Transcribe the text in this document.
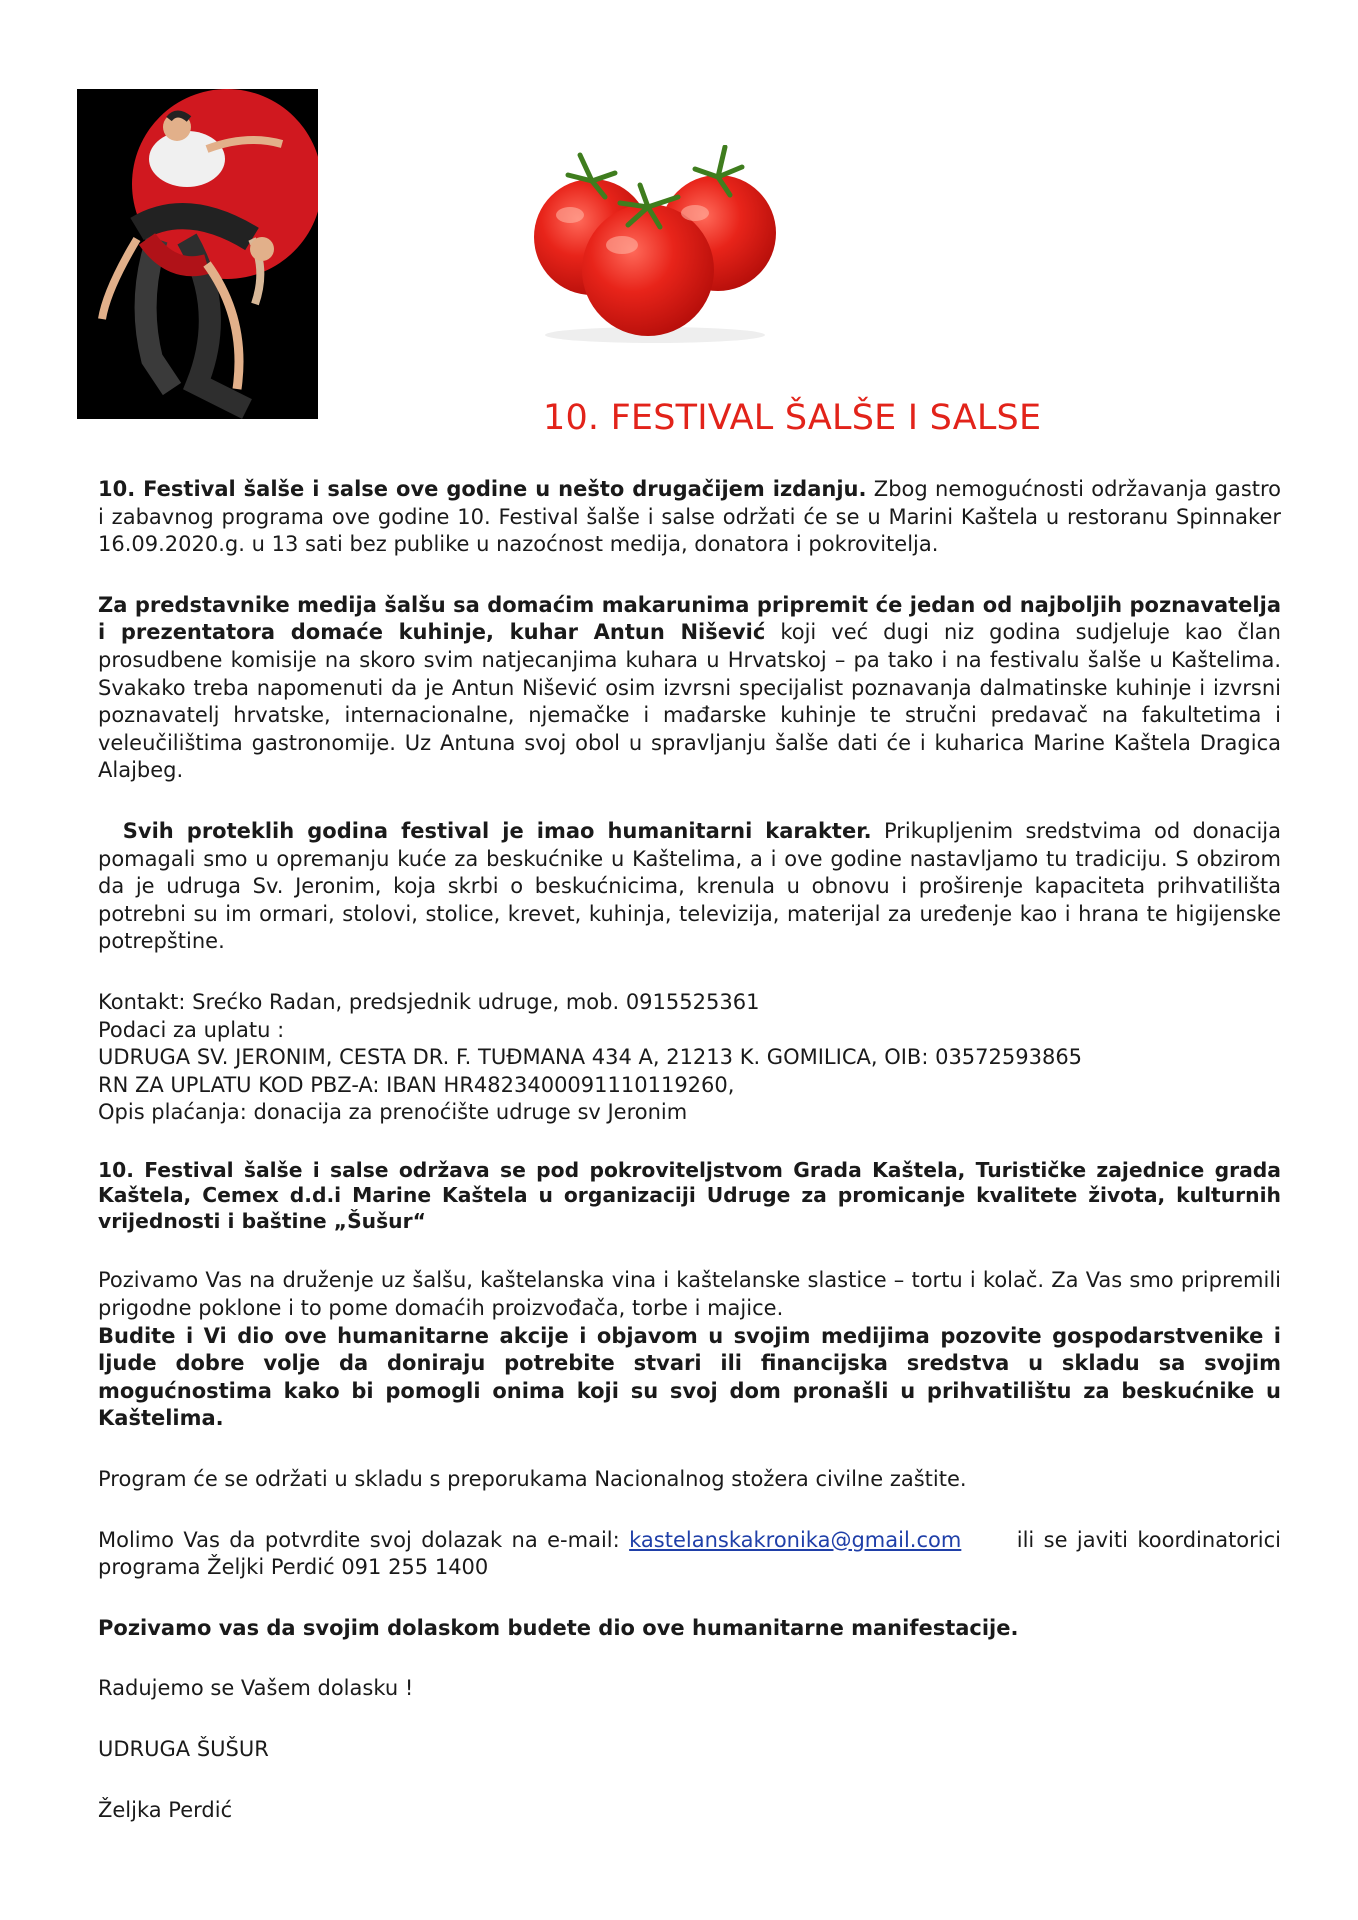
10. FESTIVAL ŠALŠE I SALSE

10. Festival šalše i salse ove godine u nešto drugačijem izdanju. Zbog nemogućnosti održavanja gastro i zabavnog programa ove godine 10. Festival šalše i salse održati će se u Marini Kaštela u restoranu Spinnaker 16.09.2020.g. u 13 sati bez publike u nazoćnost medija, donatora i pokrovitelja.

Za predstavnike medija šalšu sa domaćim makarunima pripremit će jedan od najboljih poznavatelja i prezentatora domaće kuhinje, kuhar Antun Nišević koji već dugi niz godina sudjeluje kao član prosudbene komisije na skoro svim natjecanjima kuhara u Hrvatskoj – pa tako i na festivalu šalše u Kaštelima. Svakako treba napomenuti da je Antun Nišević osim izvrsni specijalist poznavanja dalmatinske kuhinje i izvrsni poznavatelj hrvatske, internacionalne, njemačke i mađarske kuhinje te stručni predavač na fakultetima i veleučilištima gastronomije. Uz Antuna svoj obol u spravljanju šalše dati će i kuharica Marine Kaštela Dragica Alajbeg.

Svih proteklih godina festival je imao humanitarni karakter. Prikupljenim sredstvima od donacija pomagali smo u opremanju kuće za beskućnike u Kaštelima, a i ove godine nastavljamo tu tradiciju. S obzirom da je udruga Sv. Jeronim, koja skrbi o beskućnicima, krenula u obnovu i proširenje kapaciteta prihvatilišta potrebni su im ormari, stolovi, stolice, krevet, kuhinja, televizija, materijal za uređenje kao i hrana te higijenske potrepštine.

Kontakt: Srećko Radan, predsjednik udruge, mob. 0915525361

Podaci za uplatu :

UDRUGA SV. JERONIM, CESTA DR. F. TUĐMANA 434 A, 21213 K. GOMILICA, OIB: 03572593865

RN ZA UPLATU KOD PBZ-A: IBAN HR4823400091110119260,

Opis plaćanja: donacija za prenoćište udruge sv Jeronim

10. Festival šalše i salse održava se pod pokroviteljstvom Grada Kaštela, Turističke zajednice grada Kaštela, Cemex d.d.i Marine Kaštela u organizaciji Udruge za promicanje kvalitete života, kulturnih vrijednosti i baštine „Šušur“

Pozivamo Vas na druženje uz šalšu, kaštelanska vina i kaštelanske slastice – tortu i kolač. Za Vas smo pripremili prigodne poklone i to pome domaćih proizvođača, torbe i majice.

Budite i Vi dio ove humanitarne akcije i objavom u svojim medijima pozovite gospodarstvenike i ljude dobre volje da doniraju potrebite stvari ili financijska sredstva u skladu sa svojim mogućnostima kako bi pomogli onima koji su svoj dom pronašli u prihvatilištu za beskućnike u Kaštelima.

Program će se održati u skladu s preporukama Nacionalnog stožera civilne zaštite.

Molimo Vas da potvrdite svoj dolazak na e-mail: kastelanskakronika@gmail.com ili se javiti koordinatorici programa Željki Perdić 091 255 1400

Pozivamo vas da svojim dolaskom budete dio ove humanitarne manifestacije.

Radujemo se Vašem dolasku !

UDRUGA ŠUŠUR

Željka Perdić
